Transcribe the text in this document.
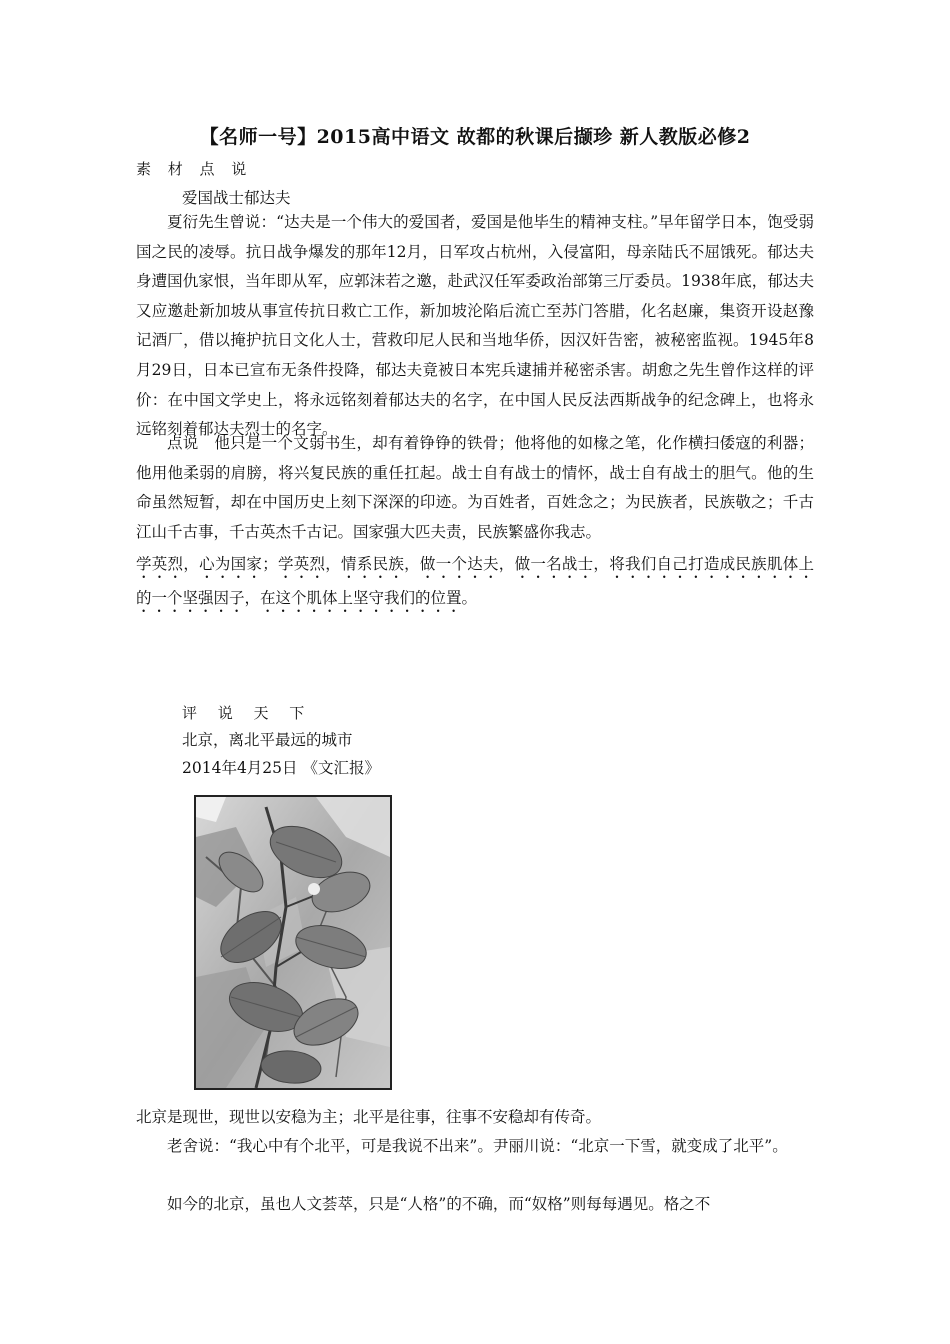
【名师一号】2015高中语文 故都的秋课后撷珍 新人教版必修2
素 材 点 说
爱国战士郁达夫
夏衍先生曾说：“达夫是一个伟大的爱国者，爱国是他毕生的精神支柱。”早年留学日本，饱受弱国之民的凌辱。抗日战争爆发的那年12月，日军攻占杭州，入侵富阳，母亲陆氏不屈饿死。郁达夫身遭国仇家恨，当年即从军，应郭沫若之邀，赴武汉任军委政治部第三厅委员。1938年底，郁达夫又应邀赴新加坡从事宣传抗日救亡工作，新加坡沦陷后流亡至苏门答腊，化名赵廉，集资开设赵豫记酒厂，借以掩护抗日文化人士，营救印尼人民和当地华侨，因汉奸告密，被秘密监视。1945年8月29日，日本已宣布无条件投降，郁达夫竟被日本宪兵逮捕并秘密杀害。胡愈之先生曾作这样的评价：在中国文学史上，将永远铭刻着郁达夫的名字，在中国人民反法西斯战争的纪念碑上，也将永远铭刻着郁达夫烈士的名字。
点说　他只是一个文弱书生，却有着铮铮的铁骨；他将他的如椽之笔，化作横扫倭寇的利器；他用他柔弱的肩膀，将兴复民族的重任扛起。战士自有战士的情怀，战士自有战士的胆气。他的生命虽然短暂，却在中国历史上刻下深深的印迹。为百姓者，百姓念之；为民族者，民族敬之；千古江山千古事，千古英杰千古记。国家强大匹夫责，民族繁盛你我志。
学英烈，心为国家；学英烈，情系民族，做一个达夫，做一名战士，将我们自己打造成民族肌体上的一个坚强因子，在这个肌体上坚守我们的位置。
评 说 天 下
北京，离北平最远的城市
2014年4月25日 《文汇报》
北京是现世，现世以安稳为主；北平是往事，往事不安稳却有传奇。
老舍说：“我心中有个北平，可是我说不出来”。尹丽川说：“北京一下雪，就变成了北平”。
如今的北京，虽也人文荟萃，只是“人格”的不确，而“奴格”则每每遇见。格之不
